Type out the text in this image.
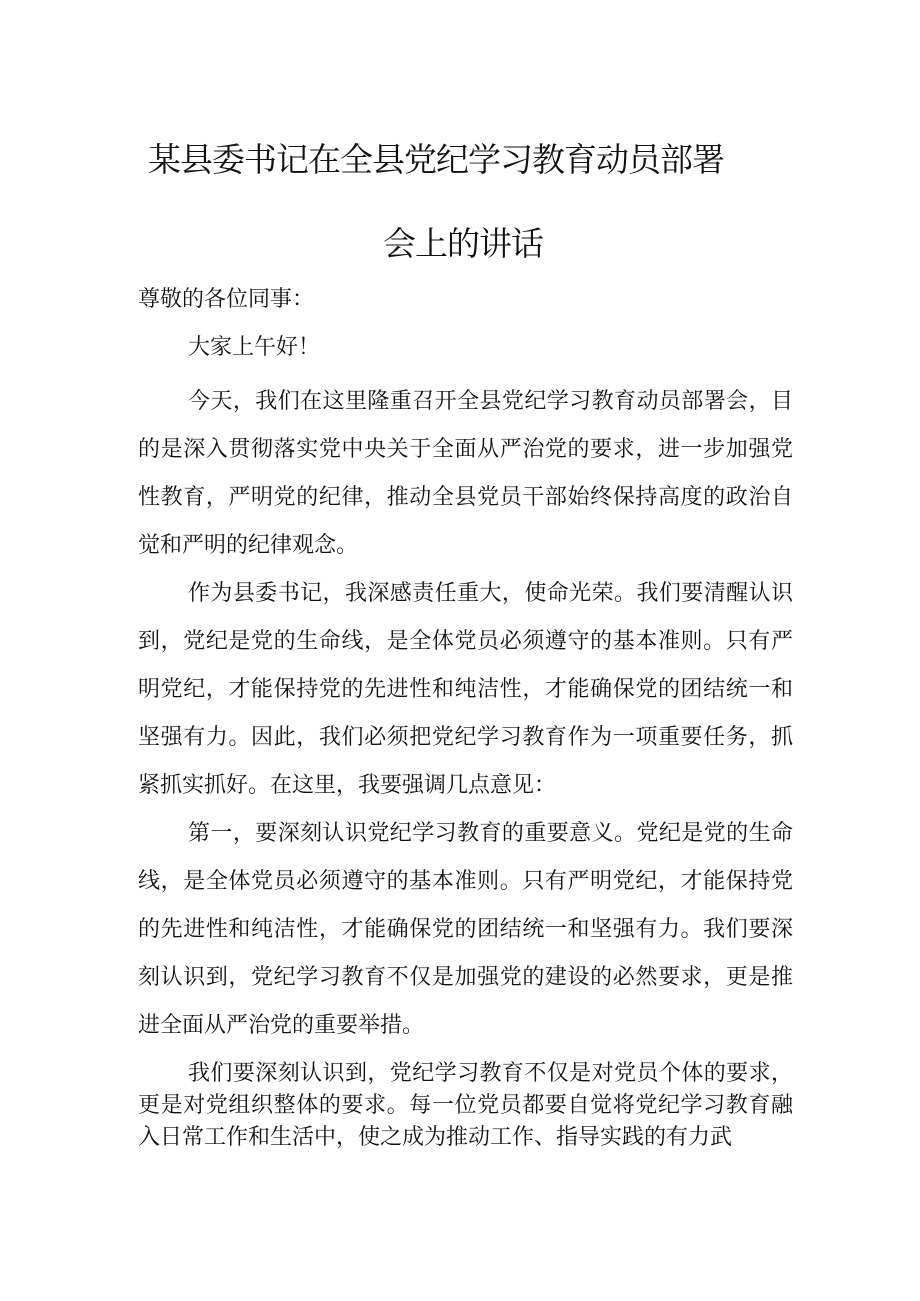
某县委书记在全县党纪学习教育动员部署
会上的讲话
尊敬的各位同事：
大家上午好！
今天，我们在这里隆重召开全县党纪学习教育动员部署会，目的是深入贯彻落实党中央关于全面从严治党的要求，进一步加强党性教育，严明党的纪律，推动全县党员干部始终保持高度的政治自觉和严明的纪律观念。
作为县委书记，我深感责任重大，使命光荣。我们要清醒认识到，党纪是党的生命线，是全体党员必须遵守的基本准则。只有严明党纪，才能保持党的先进性和纯洁性，才能确保党的团结统一和坚强有力。因此，我们必须把党纪学习教育作为一项重要任务，抓紧抓实抓好。在这里，我要强调几点意见：
第一，要深刻认识党纪学习教育的重要意义。党纪是党的生命线，是全体党员必须遵守的基本准则。只有严明党纪，才能保持党的先进性和纯洁性，才能确保党的团结统一和坚强有力。我们要深刻认识到，党纪学习教育不仅是加强党的建设的必然要求，更是推进全面从严治党的重要举措。
我们要深刻认识到，党纪学习教育不仅是对党员个体的要求，更是对党组织整体的要求。每一位党员都要自觉将党纪学习教育融入日常工作和生活中，使之成为推动工作、指导实践的有力武
